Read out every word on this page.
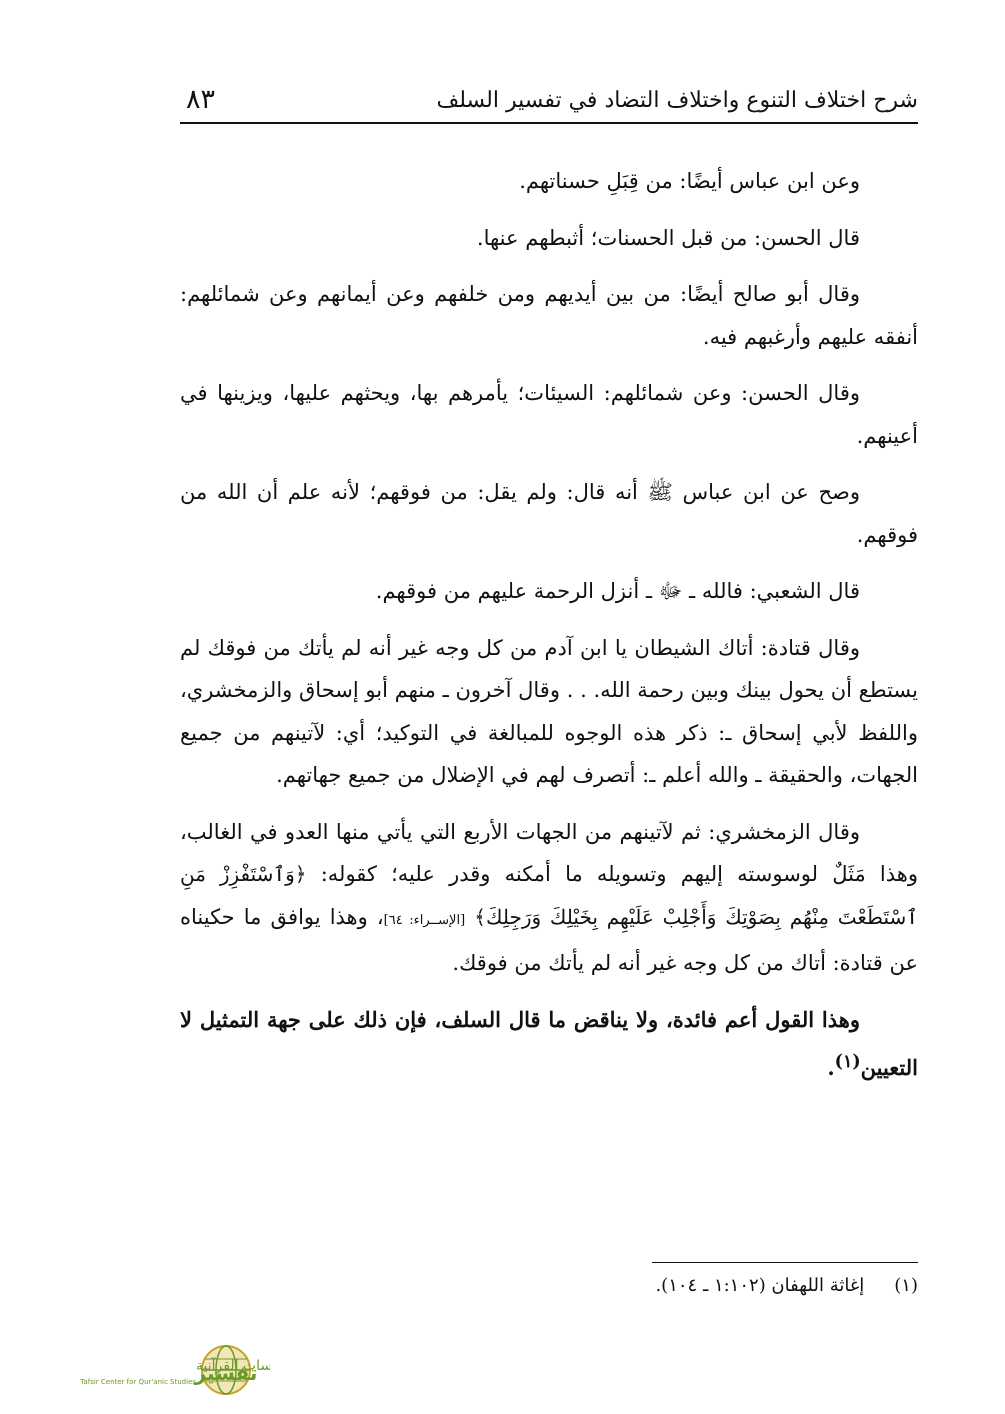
٨٣	شرح اختلاف التنوع واختلاف التضاد في تفسير السلف

وعن ابن عباس أيضًا: من قِبَلِ حسناتهم.

قال الحسن: من قبل الحسنات؛ أثبطهم عنها.

وقال أبو صالح أيضًا: من بين أيديهم ومن خلفهم وعن أيمانهم وعن شمائلهم: أنفقه عليهم وأرغبهم فيه.

وقال الحسن: وعن شمائلهم: السيئات؛ يأمرهم بها، ويحثهم عليها، ويزينها في أعينهم.

وصح عن ابن عباس ﷺ أنه قال: ولم يقل: من فوقهم؛ لأنه علم أن الله من فوقهم.

قال الشعبي: فالله ـ ﷻ ـ أنزل الرحمة عليهم من فوقهم.

وقال قتادة: أتاك الشيطان يا ابن آدم من كل وجه غير أنه لم يأتك من فوقك لم يستطع أن يحول بينك وبين رحمة الله. . . وقال آخرون ـ منهم أبو إسحاق والزمخشري، واللفظ لأبي إسحاق ـ: ذكر هذه الوجوه للمبالغة في التوكيد؛ أي: لآتينهم من جميع الجهات، والحقيقة ـ والله أعلم ـ: أتصرف لهم في الإضلال من جميع جهاتهم.

وقال الزمخشري: ثم لآتينهم من الجهات الأربع التي يأتي منها العدو في الغالب، وهذا مَثَلٌ لوسوسته إليهم وتسويله ما أمكنه وقدر عليه؛ كقوله: ﴿وَٱسْتَفْزِزْ مَنِ ٱسْتَطَعْتَ مِنْهُم بِصَوْتِكَ وَأَجْلِبْ عَلَيْهِم بِخَيْلِكَ وَرَجِلِكَ﴾ [الإســراء: ٦٤]، وهذا يوافق ما حكيناه عن قتادة: أتاك من كل وجه غير أنه لم يأتك من فوقك.

وهذا القول أعم فائدة، ولا يناقض ما قال السلف، فإن ذلك على جهة التمثيل لا التعيين$^{(١)}$.

(١)إغاثة اللهفان (١:١٠٢ ـ ١٠٤).
تفسير سات القرآنية
Tafsir Center for Qur'anic Studies
